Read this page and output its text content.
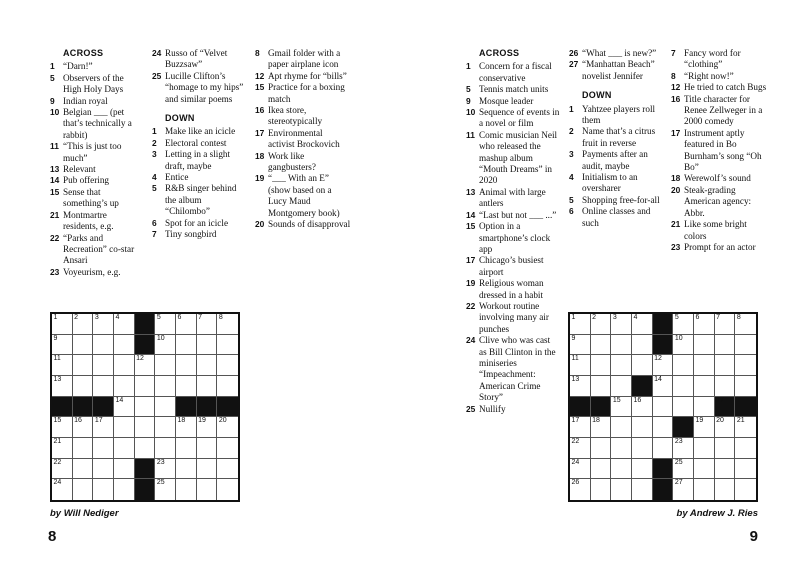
ACROSS
1 “Darn!”
5 Observers of the High Holy Days
9 Indian royal
10 Belgian ___ (pet that’s technically a rabbit)
11 “This is just too much”
13 Relevant
14 Pub offering
15 Sense that something’s up
21 Montmartre residents, e.g.
22 “Parks and Recreation” co-star Ansari
23 Voyeurism, e.g.
24 Russo of “Velvet Buzzsaw”
25 Lucille Clifton’s “homage to my hips” and similar poems
DOWN
1 Make like an icicle
2 Electoral contest
3 Letting in a slight draft, maybe
4 Entice
5 R&B singer behind the album “Chilombo”
6 Spot for an icicle
7 Tiny songbird
8 Gmail folder with a paper airplane icon
12 Apt rhyme for “bills”
15 Practice for a boxing match
16 Ikea store, stereotypically
17 Environmental activist Brockovich
18 Work like gangbusters?
19 “___ With an E” (show based on a Lucy Maud Montgomery book)
20 Sounds of disapproval
1 2 3 4	5 6 7 8
9	10
11	12
13
14
15 16 17	18 19 20
21
22	23
24	25
by Will Nediger
8
ACROSS
1 Concern for a fiscal conservative
5 Tennis match units
9 Mosque leader
10 Sequence of events in a novel or film
11 Comic musician Neil who released the mashup album “Mouth Dreams” in 2020
13 Animal with large antlers
14 “Last but not ___ ...”
15 Option in a smartphone’s clock app
17 Chicago’s busiest airport
19 Religious woman dressed in a habit
22 Workout routine involving many air punches
24 Clive who was cast as Bill Clinton in the miniseries “Impeachment: American Crime Story”
25 Nullify
26 “What ___ is new?”
27 “Manhattan Beach” novelist Jennifer
DOWN
1 Yahtzee players roll them
2 Name that’s a citrus fruit in reverse
3 Payments after an audit, maybe
4 Initialism to an oversharer
5 Shopping free-for-all
6 Online classes and such
7 Fancy word for “clothing”
8 “Right now!”
12 He tried to catch Bugs
16 Title character for Renee Zellweger in a 2000 comedy
17 Instrument aptly featured in Bo Burnham’s song “Oh Bo”
18 Werewolf’s sound
20 Steak-grading American agency: Abbr.
21 Like some bright colors
23 Prompt for an actor
1 2 3 4	5 6 7 8
9	10
11	12
13	14
15 16	17
17 18	19 20 21
22	23
24	25
26	27
by Andrew J. Ries
9
